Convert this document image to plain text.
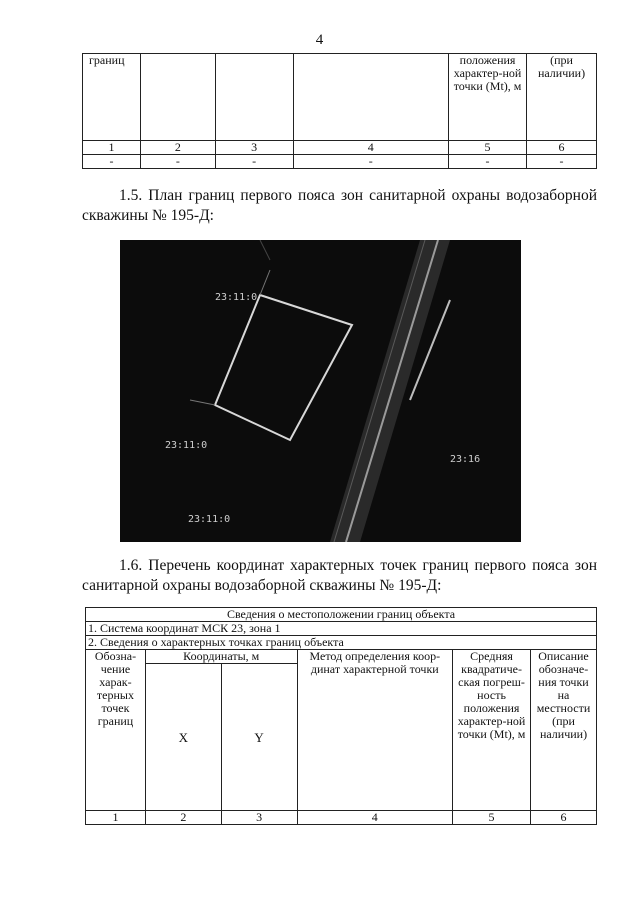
4
границ				положения характер-ной точки (Mt), м	(при наличии)
1	2	3	4	5	6
-	-	-	-	-	-
1.5. План границ первого пояса зон санитарной охраны водозаборной скважины № 195-Д:
23:11:0
23:11:0
23:16
23:11:0
1.6. Перечень координат характерных точек границ первого пояса зон санитарной охраны водозаборной скважины № 195-Д:
Сведения о местоположении границ объекта					
1. Система координат МСК 23, зона 1					
2. Сведения о характерных точках границ объекта					
Обозна-чение харак-терных точек границ	Координаты, м		Метод определения коор-динат характерной точки	Средняя квадратиче-ская погреш-ность положения характер-ной точки (Mt), м	Описание обозначе-ния точки на местности (при наличии)
	X	Y			
1	2	3	4	5	6
